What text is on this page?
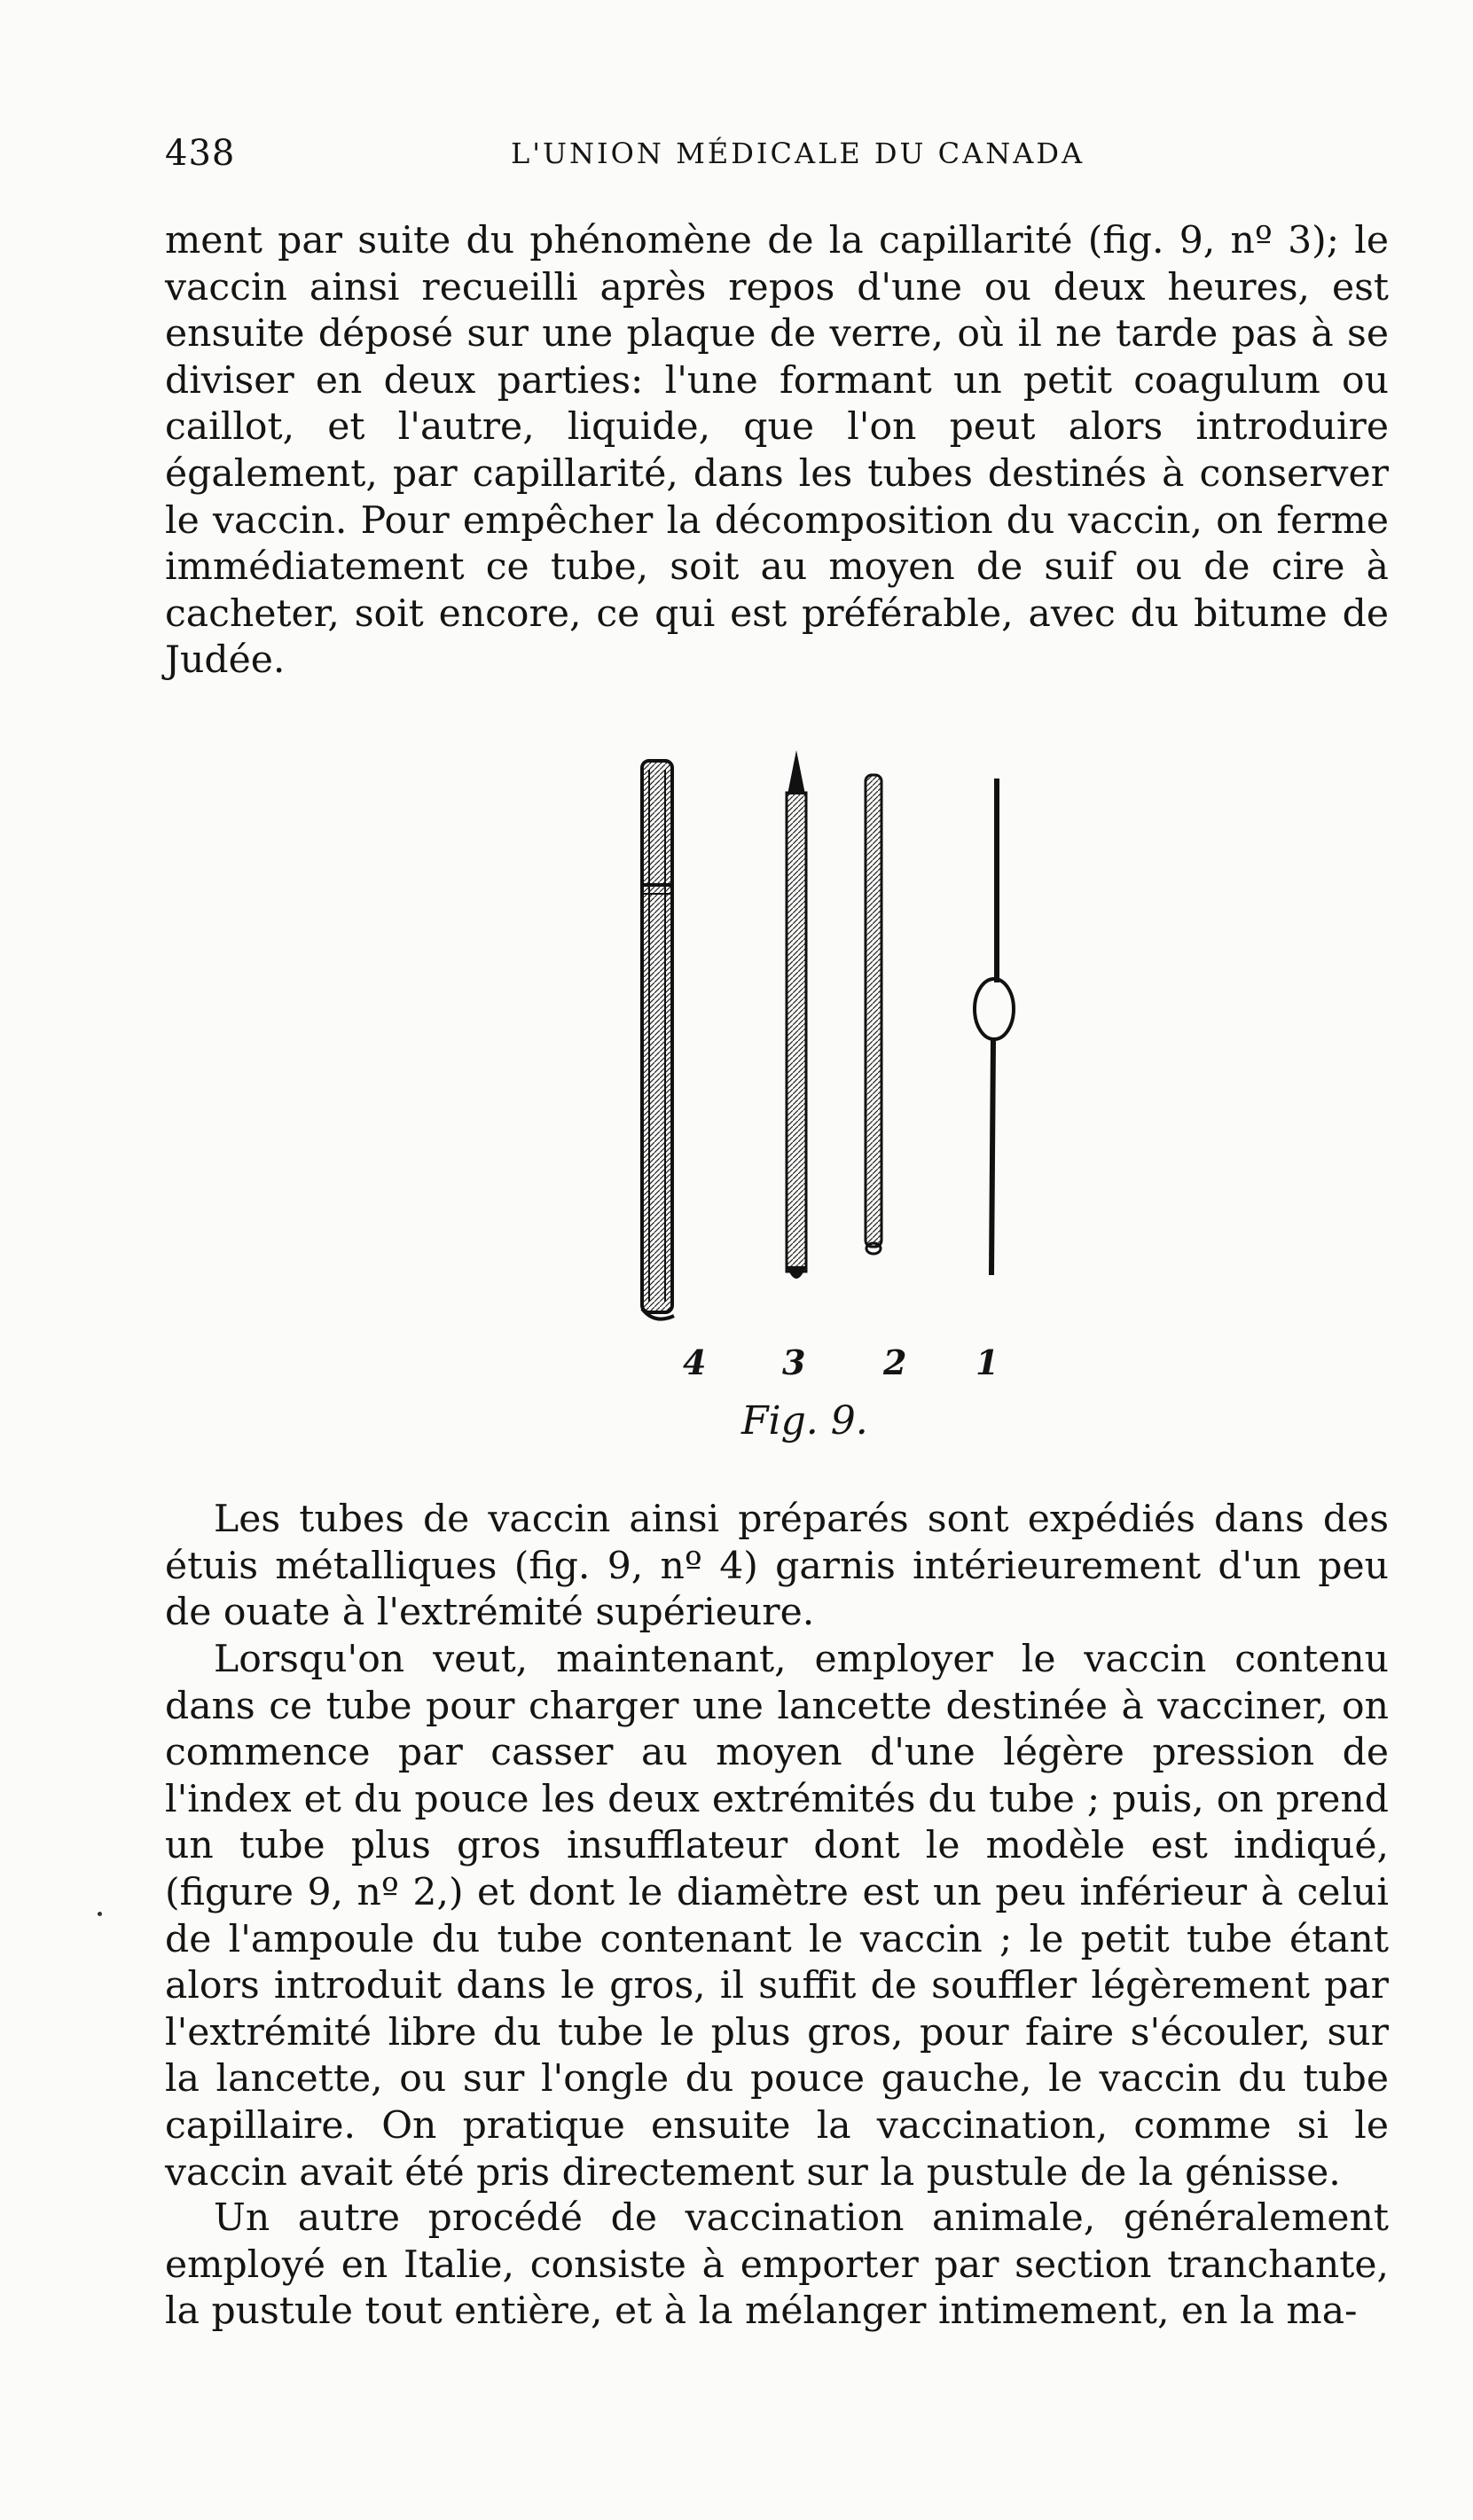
438	L'UNION MÉDICALE DU CANADA

ment par suite du phénomène de la capillarité (fig. 9, nº 3); le vaccin ainsi recueilli après repos d'une ou deux heures, est ensuite déposé sur une plaque de verre, où il ne tarde pas à se diviser en deux parties: l'une formant un petit coagulum ou caillot, et l'autre, liquide, que l'on peut alors introduire également, par capillarité, dans les tubes destinés à conserver le vaccin. Pour empêcher la décomposition du vaccin, on ferme immédiatement ce tube, soit au moyen de suif ou de cire à cacheter, soit encore, ce qui est préférable, avec du bitume de Judée.

4 3 2 1
Fig. 9.

Les tubes de vaccin ainsi préparés sont expédiés dans des étuis métalliques (fig. 9, nº 4) garnis intérieurement d'un peu de ouate à l'extrémité supérieure.

Lorsqu'on veut, maintenant, employer le vaccin contenu dans ce tube pour charger une lancette destinée à vacciner, on commence par casser au moyen d'une légère pression de l'index et du pouce les deux extrémités du tube ; puis, on prend un tube plus gros insufflateur dont le modèle est indiqué, (figure 9, nº 2,) et dont le diamètre est un peu inférieur à celui de l'ampoule du tube contenant le vaccin ; le petit tube étant alors introduit dans le gros, il suffit de souffler légèrement par l'extrémité libre du tube le plus gros, pour faire s'écouler, sur la lancette, ou sur l'ongle du pouce gauche, le vaccin du tube capillaire. On pratique ensuite la vaccination, comme si le vaccin avait été pris directement sur la pustule de la génisse.

Un autre procédé de vaccination animale, généralement employé en Italie, consiste à emporter par section tranchante, la pustule tout entière, et à la mélanger intimement, en la ma-
